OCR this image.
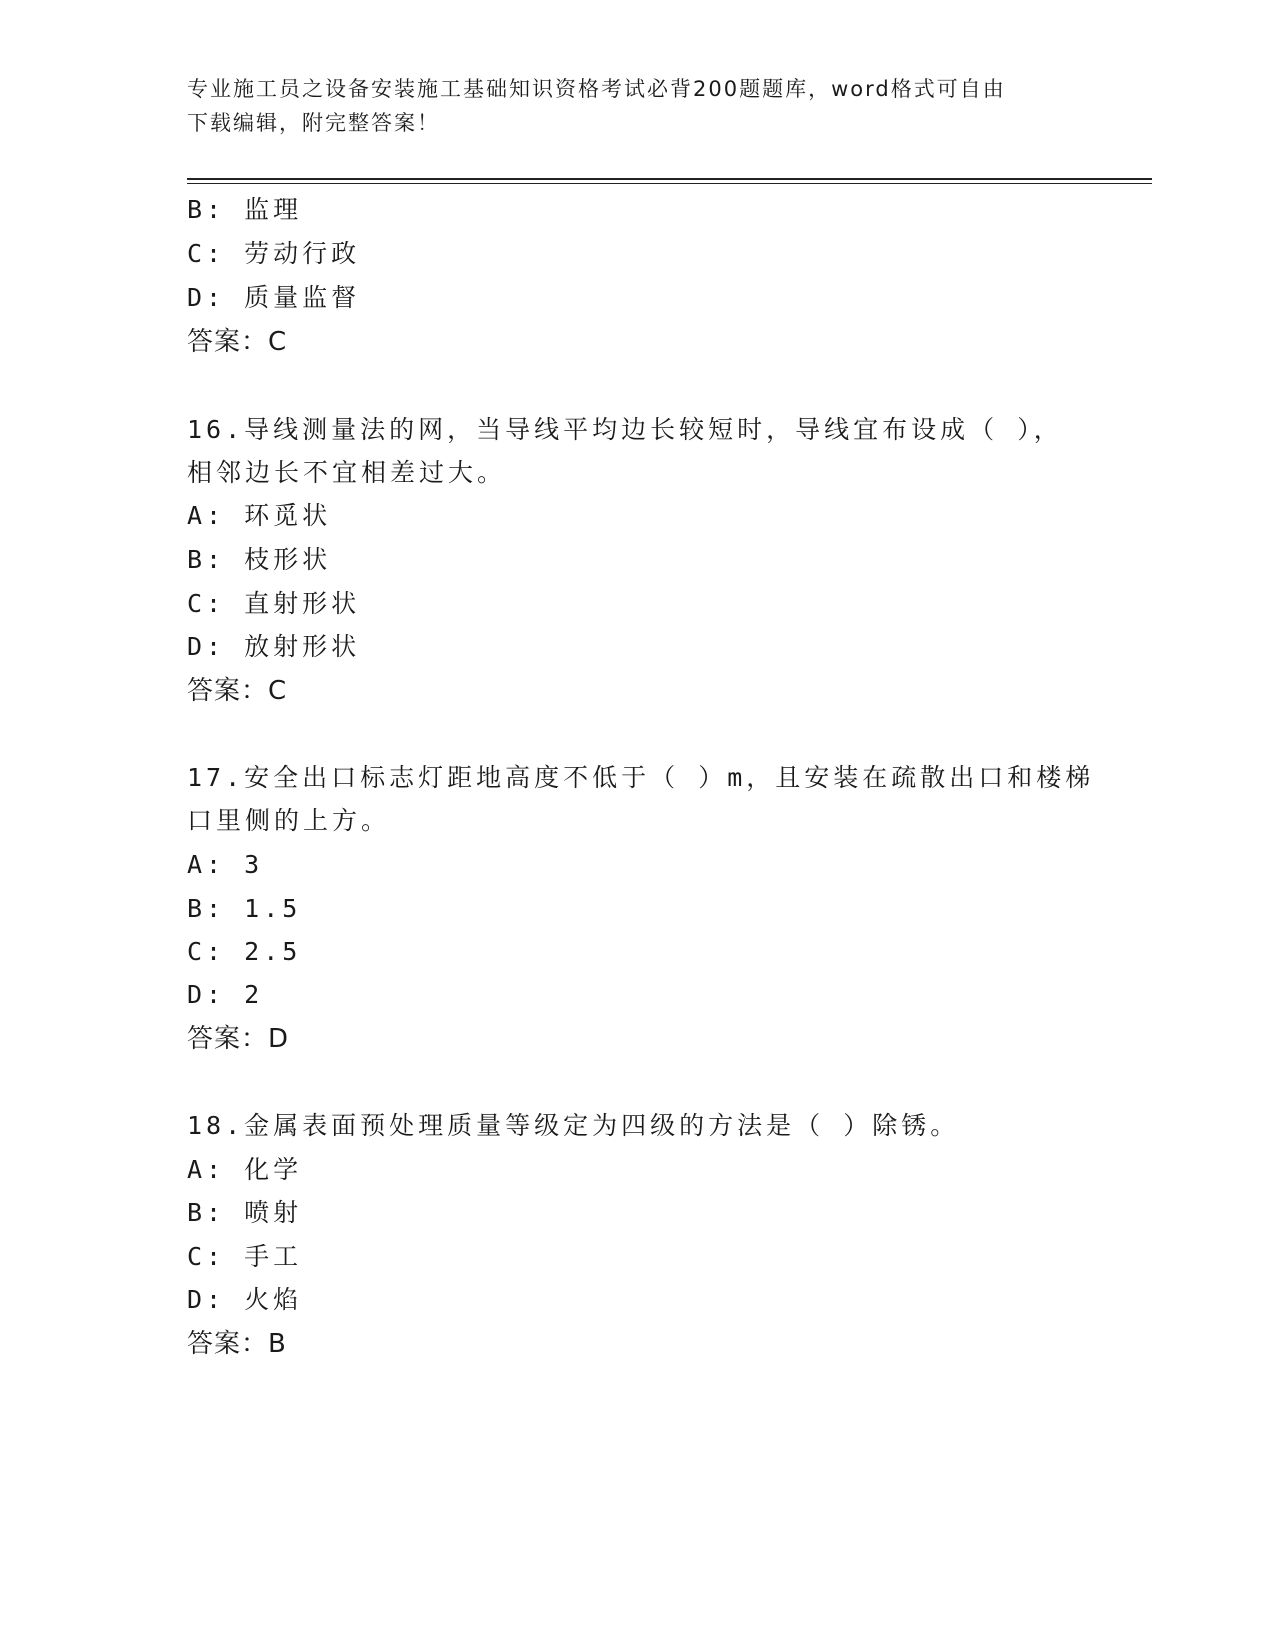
专业施工员之设备安装施工基础知识资格考试必背200题题库，word格式可自由
下载编辑，附完整答案！
B: 监理
C: 劳动行政
D: 质量监督
答案：C
16.导线测量法的网，当导线平均边长较短时，导线宜布设成（ ），
相邻边长不宜相差过大。
A: 环觅状
B: 枝形状
C: 直射形状
D: 放射形状
答案：C
17.安全出口标志灯距地高度不低于（ ）m，且安装在疏散出口和楼梯
口里侧的上方。
A: 3
B: 1.5
C: 2.5
D: 2
答案：D
18.金属表面预处理质量等级定为四级的方法是（ ）除锈。
A: 化学
B: 喷射
C: 手工
D: 火焰
答案：B
